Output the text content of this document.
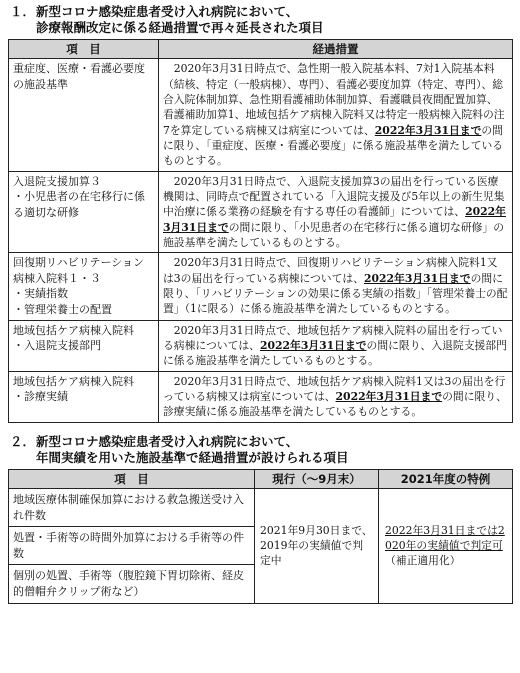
１．新型コロナ感染症患者受け入れ病院において、
診療報酬改定に係る経過措置で再々延長された項目
項　目	経過措置

重症度、医療・看護必要度の施設基準	2020年3月31日時点で、急性期一般入院基本料、7対1入院基本料（結核、特定（一般病棟）、専門）、看護必要度加算（特定、専門）、総合入院体制加算、急性期看護補助体制加算、看護職員夜間配置加算、看護補助加算1、地域包括ケア病棟入院料又は特定一般病棟入院料の注7を算定している病棟又は病室については、2022年3月31日までの間に限り、「重症度、医療・看護必要度」に係る施設基準を満たしているものとする。

入退院支援加算３
・小児患者の在宅移行に係る適切な研修	2020年3月31日時点で、入退院支援加算3の届出を行っている医療機関は、同時点で配置されている「入退院支援及び5年以上の新生児集中治療に係る業務の経験を有する専任の看護師」については、2022年3月31日までの間に限り、「小児患者の在宅移行に係る適切な研修」の施設基準を満たしているものとする。

回復期リハビリテーション病棟入院料１・３
・実績指数
・管理栄養士の配置	2020年3月31日時点で、回復期リハビリテーション病棟入院料1又は3の届出を行っている病棟については、2022年3月31日までの間に限り、「リハビリテーションの効果に係る実績の指数」「管理栄養士の配置」（1に限る）に係る施設基準を満たしているものとする。

地域包括ケア病棟入院料
・入退院支援部門	2020年3月31日時点で、地域包括ケア病棟入院料の届出を行っている病棟については、2022年3月31日までの間に限り、入退院支援部門に係る施設基準を満たしているものとする。

地域包括ケア病棟入院料
・診療実績	2020年3月31日時点で、地域包括ケア病棟入院料1又は3の届出を行っている病棟又は病室については、2022年3月31日までの間に限り、診療実績に係る施設基準を満たしているものとする。
２．新型コロナ感染症患者受け入れ病院において、
年間実績を用いた施設基準で経過措置が設けられる項目
項　目	現行（～9月末）	2021年度の特例
地域医療体制確保加算における救急搬送受け入れ件数	2021年9月30日まで、2019年の実績値で判定中	2022年3月31日までは2020年の実績値で判定可
（補正適用化）
処置・手術等の時間外加算における手術等の件数		
個別の処置、手術等（腹腔鏡下胃切除術、経皮的僧帽弁クリップ術など）		
